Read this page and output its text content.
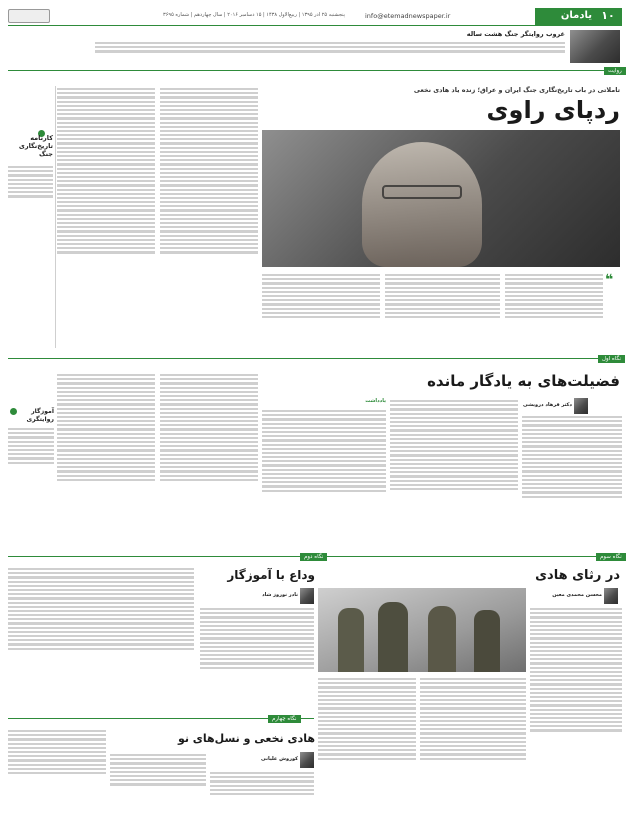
۱۰
یادمان
info@etemadnewspaper.ir
پنجشنبه ۲۵ آذر ۱۳۹۵ | ربیع‌الاول ۱۴۳۸ | ۱۵ دسامبر ۲۰۱۶ | سال چهاردهم | شماره ۳۶۹۵
غروب روایتگر جنگ هشت ساله
روایت
تاملاتی در باب تاریخ‌نگاری جنگ ایران و عراق؛ زنده یاد هادی نخعی
ردپای راوی
❝
کارنامه تاریخ‌نگاری جنگ
نگاه اول
فضیلت‌های به یادگار مانده
دکتر فرهاد درویشی
یادداشت
آموزگار روایتگری
نگاه سوم
نگاه دوم
در رثای هادی
محسن محمدی معین
وداع با آموزگار
نادر نوروز شاد
نگاه چهارم
هادی نخعی و نسل‌های نو
کوروش علیانی
